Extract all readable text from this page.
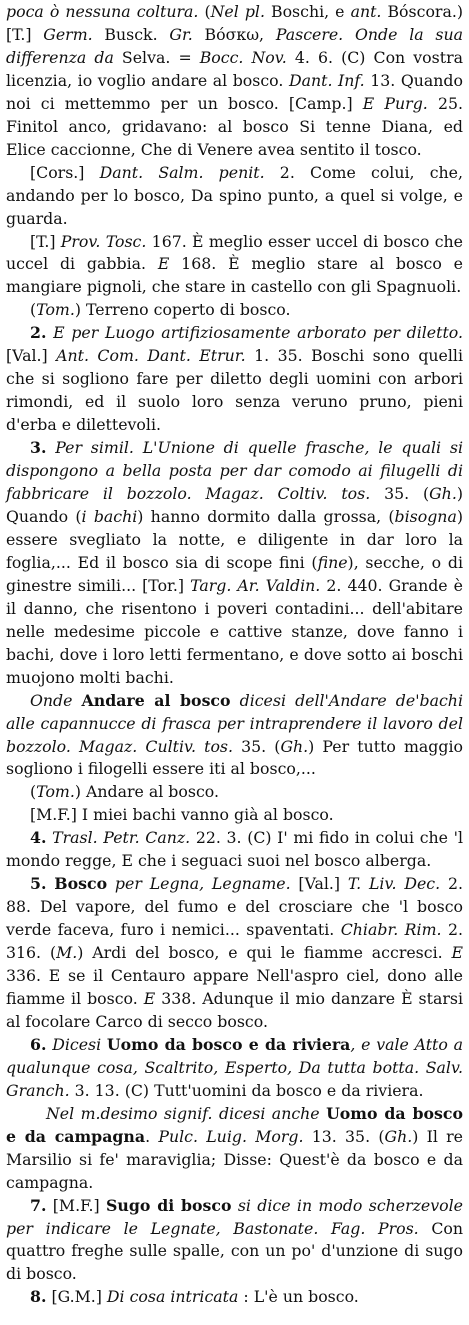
poca ò nessuna coltura. (Nel pl. Boschi, e ant. Bóscora.) [T.] Germ. Busck. Gr. Βόσκω, Pascere. Onde la sua differenza da Selva. = Bocc. Nov. 4. 6. (C) Con vostra licenzia, io voglio andare al bosco. Dant. Inf. 13. Quando noi ci mettemmo per un bosco. [Camp.] E Purg. 25. Finitol anco, gridavano: al bosco Si tenne Diana, ed Elice caccionne, Che di Venere avea sentito il tosco.

[Cors.] Dant. Salm. penit. 2. Come colui, che, andando per lo bosco, Da spino punto, a quel si volge, e guarda.

[T.] Prov. Tosc. 167. È meglio esser uccel di bosco che uccel di gabbia. E 168. È meglio stare al bosco e mangiare pignoli, che stare in castello con gli Spagnuoli.

(Tom.) Terreno coperto di bosco.

2. E per Luogo artifiziosamente arborato per diletto. [Val.] Ant. Com. Dant. Etrur. 1. 35. Boschi sono quelli che si sogliono fare per diletto degli uomini con arbori rimondi, ed il suolo loro senza veruno pruno, pieni d'erba e dilettevoli.

3. Per simil. L'Unione di quelle frasche, le quali si dispongono a bella posta per dar comodo ai filugelli di fabbricare il bozzolo. Magaz. Coltiv. tos. 35. (Gh.) Quando (i bachi) hanno dormito dalla grossa, (bisogna) essere svegliato la notte, e diligente in dar loro la foglia,... Ed il bosco sia di scope fini (fine), secche, o di ginestre simili... [Tor.] Targ. Ar. Valdin. 2. 440. Grande è il danno, che risentono i poveri contadini... dell'abitare nelle medesime piccole e cattive stanze, dove fanno i bachi, dove i loro letti fermentano, e dove sotto ai boschi muojono molti bachi.

Onde Andare al bosco dicesi dell'Andare de'bachi alle capannucce di frasca per intraprendere il lavoro del bozzolo. Magaz. Cultiv. tos. 35. (Gh.) Per tutto maggio sogliono i filogelli essere iti al bosco,...

(Tom.) Andare al bosco.

[M.F.] I miei bachi vanno già al bosco.

4. Trasl. Petr. Canz. 22. 3. (C) I' mi fido in colui che 'l mondo regge, E che i seguaci suoi nel bosco alberga.

5. Bosco per Legna, Legname. [Val.] T. Liv. Dec. 2. 88. Del vapore, del fumo e del crosciare che 'l bosco verde faceva, furo i nemici... spaventati. Chiabr. Rim. 2. 316. (M.) Ardi del bosco, e qui le fiamme accresci. E 336. E se il Centauro appare Nell'aspro ciel, dono alle fiamme il bosco. E 338. Adunque il mio danzare È starsi al focolare Carco di secco bosco.

6. Dicesi Uomo da bosco e da riviera, e vale Atto a qualunque cosa, Scaltrito, Esperto, Da tutta botta. Salv. Granch. 3. 13. (C) Tutt'uomini da bosco e da riviera.

Nel m.desimo signif. dicesi anche Uomo da bosco e da campagna. Pulc. Luig. Morg. 13. 35. (Gh.) Il re Marsilio si fe' maraviglia; Disse: Quest'è da bosco e da campagna.

7. [M.F.] Sugo di bosco si dice in modo scherzevole per indicare le Legnate, Bastonate. Fag. Pros. Con quattro freghe sulle spalle, con un po' d'unzione di sugo di bosco.

8. [G.M.] Di cosa intricata : L'è un bosco.
